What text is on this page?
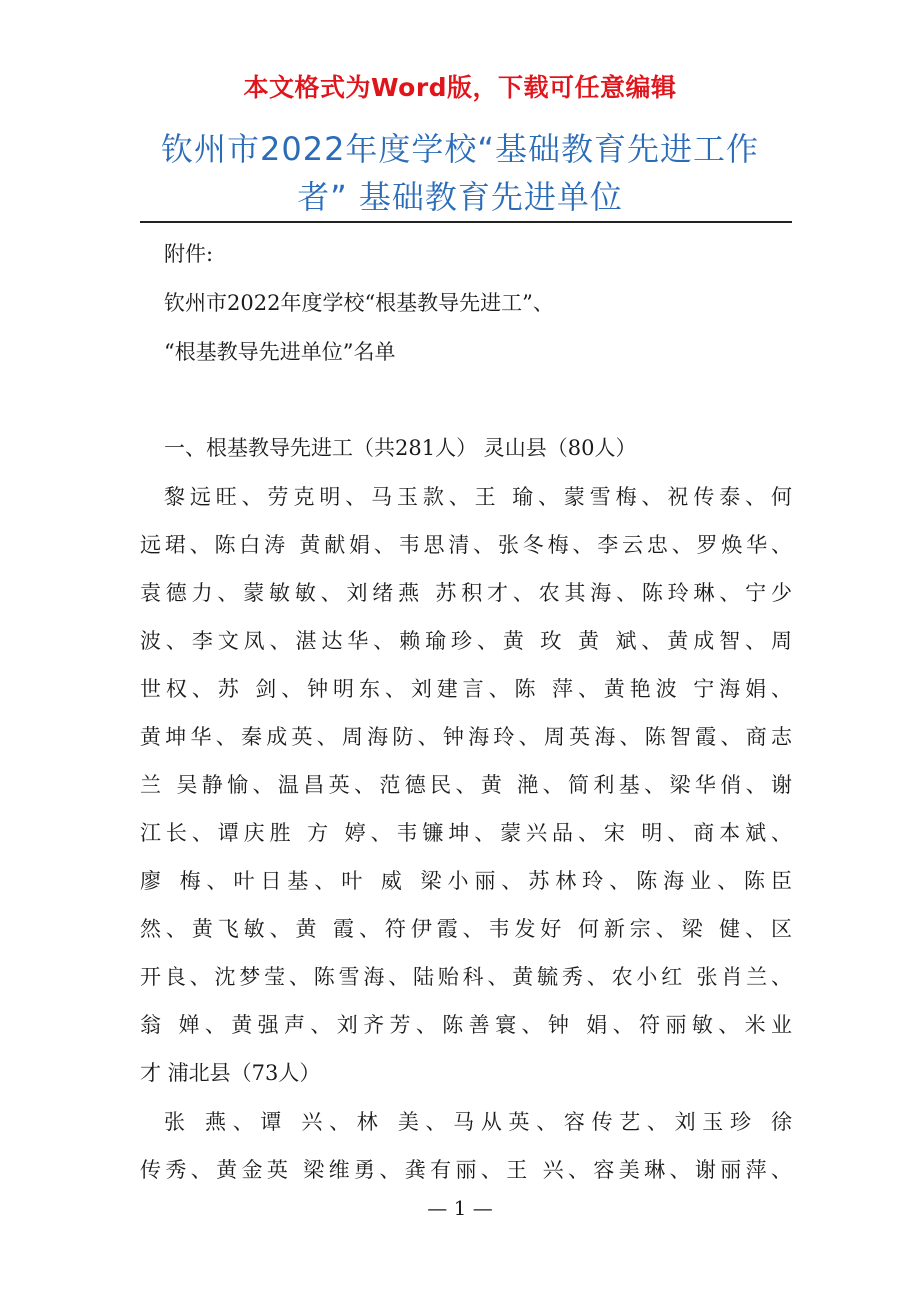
本文格式为Word版，下载可任意编辑
钦州市2022年度学校“基础教育先进工作
者” 基础教育先进单位
附件:
钦州市2022年度学校“根基教导先进工”、
“根基教导先进单位”名单
一、根基教导先进工（共281人） 灵山县（80人）
黎远旺、劳克明、马玉款、王 瑜、蒙雪梅、祝传泰、何
远珺、陈白涛 黄献娟、韦思清、张冬梅、李云忠、罗焕华、
袁德力、蒙敏敏、刘绪燕 苏积才、农其海、陈玲琳、宁少
波、李文凤、湛达华、赖瑜珍、黄 玫 黄 斌、黄成智、周
世权、苏 剑、钟明东、刘建言、陈 萍、黄艳波 宁海娟、
黄坤华、秦成英、周海防、钟海玲、周英海、陈智霞、商志
兰 吴静愉、温昌英、范德民、黄 滟、简利基、梁华俏、谢
江长、谭庆胜 方 婷、韦镰坤、蒙兴品、宋 明、商本斌、
廖 梅、叶日基、叶 威 梁小丽、苏林玲、陈海业、陈臣
然、黄飞敏、黄 霞、符伊霞、韦发好 何新宗、梁 健、区
开良、沈梦莹、陈雪海、陆贻科、黄毓秀、农小红 张肖兰、
翁 婵、黄强声、刘齐芳、陈善寰、钟 娟、符丽敏、米业
才 浦北县（73人）
张 燕、谭 兴、林 美、马从英、容传艺、刘玉珍 徐
传秀、黄金英 梁维勇、龚有丽、王 兴、容美琳、谢丽萍、
— 1 —
